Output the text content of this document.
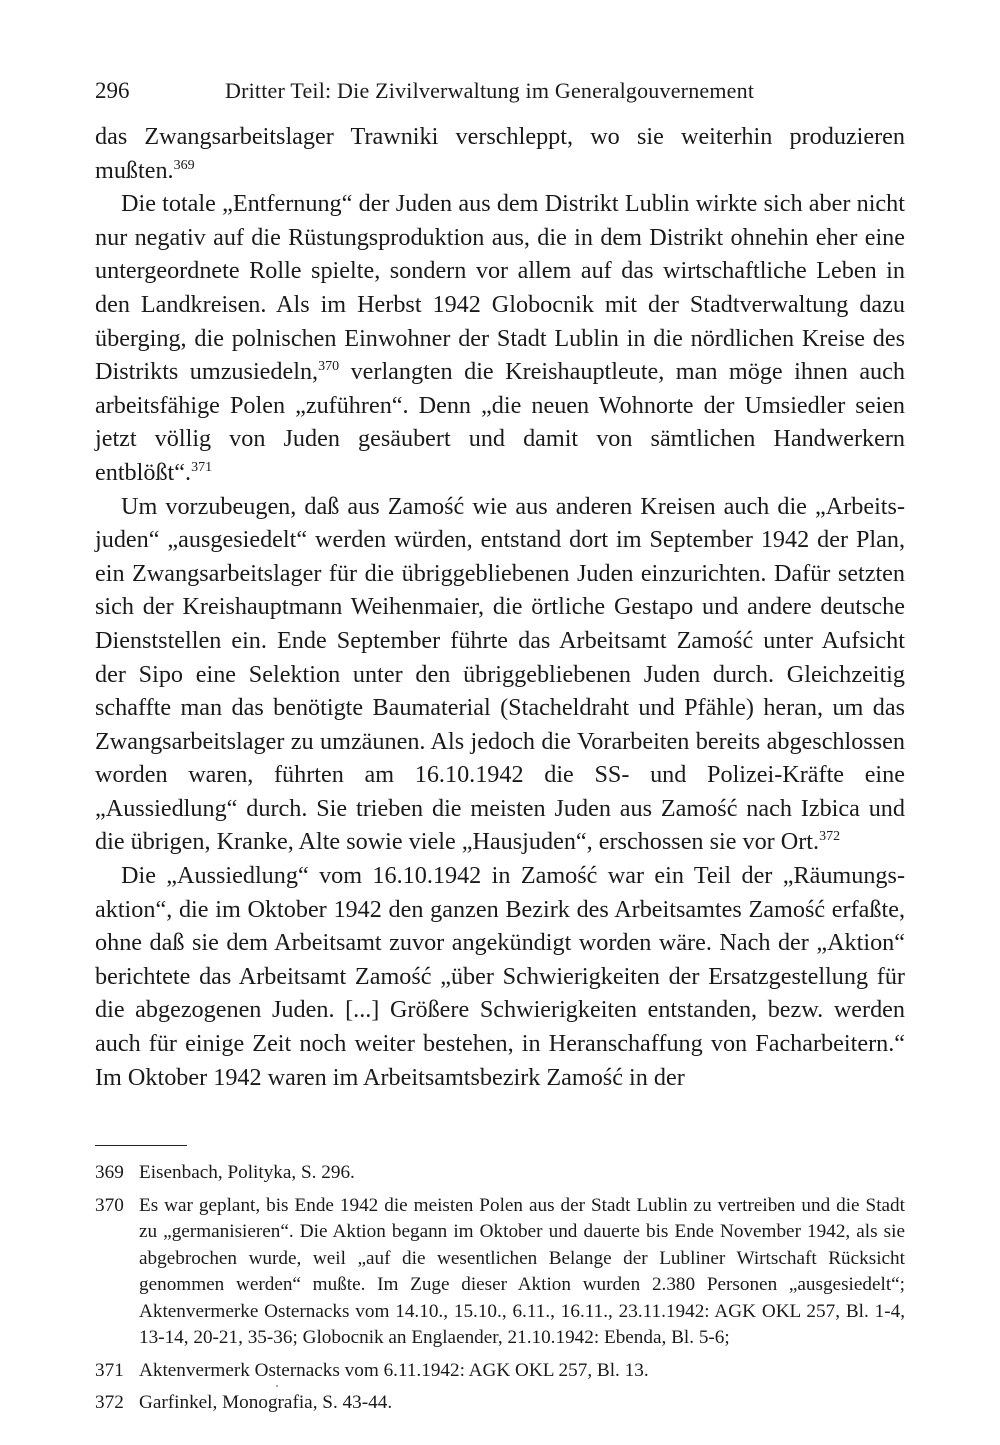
296	Dritter Teil: Die Zivilverwaltung im Generalgouvernement

das Zwangsarbeitslager Trawniki verschleppt, wo sie weiterhin produzieren mußten.$^{369}$

Die totale „Entfernung“ der Juden aus dem Distrikt Lublin wirkte sich aber nicht nur negativ auf die Rüstungsproduktion aus, die in dem Distrikt ohnehin eher eine untergeordnete Rolle spielte, sondern vor allem auf das wirtschaftliche Leben in den Landkreisen. Als im Herbst 1942 Globocnik mit der Stadtverwaltung dazu überging, die polnischen Einwohner der Stadt Lublin in die nördlichen Kreise des Distrikts umzusiedeln,$^{370}$ verlangten die Kreishauptleute, man möge ihnen auch arbeitsfähige Polen „zuführen“. Denn „die neuen Wohnorte der Umsiedler seien jetzt völlig von Juden gesäubert und damit von sämtlichen Handwerkern entblößt“.$^{371}$

Um vorzubeugen, daß aus Zamość wie aus anderen Kreisen auch die „Arbeitsjuden“ „ausgesiedelt“ werden würden, entstand dort im September 1942 der Plan, ein Zwangsarbeitslager für die übriggebliebenen Juden einzurichten. Dafür setzten sich der Kreishauptmann Weihenmaier, die örtliche Gestapo und andere deutsche Dienststellen ein. Ende September führte das Arbeitsamt Zamość unter Aufsicht der Sipo eine Selektion unter den übriggebliebenen Juden durch. Gleichzeitig schaffte man das benötigte Baumaterial (Stacheldraht und Pfähle) heran, um das Zwangsarbeitslager zu umzäunen. Als jedoch die Vorarbeiten bereits abgeschlossen worden waren, führten am 16.10.1942 die SS- und Polizei-Kräfte eine „Aussiedlung“ durch. Sie trieben die meisten Juden aus Zamość nach Izbica und die übrigen, Kranke, Alte sowie viele „Hausjuden“, erschossen sie vor Ort.$^{372}$

Die „Aussiedlung“ vom 16.10.1942 in Zamość war ein Teil der „Räumungsaktion“, die im Oktober 1942 den ganzen Bezirk des Arbeitsamtes Zamość erfaßte, ohne daß sie dem Arbeitsamt zuvor angekündigt worden wäre. Nach der „Aktion“ berichtete das Arbeitsamt Zamość „über Schwierigkeiten der Ersatzgestellung für die abgezogenen Juden. [...] Größere Schwierigkeiten entstanden, bezw. werden auch für einige Zeit noch weiter bestehen, in Heranschaffung von Facharbeitern.“ Im Oktober 1942 waren im Arbeitsamtsbezirk Zamość in der

369 Eisenbach, Polityka, S. 296.
370 Es war geplant, bis Ende 1942 die meisten Polen aus der Stadt Lublin zu vertreiben und die Stadt zu „germanisieren“. Die Aktion begann im Oktober und dauerte bis Ende November 1942, als sie abgebrochen wurde, weil „auf die wesentlichen Belange der Lubliner Wirtschaft Rücksicht genommen werden“ mußte. Im Zuge dieser Aktion wurden 2.380 Personen „ausgesiedelt“; Aktenvermerke Osternacks vom 14.10., 15.10., 6.11., 16.11., 23.11.1942: AGK OKL 257, Bl. 1-4, 13-14, 20-21, 35-36; Globocnik an Englaender, 21.10.1942: Ebenda, Bl. 5-6;
371 Aktenvermerk Osternacks vom 6.11.1942: AGK OKL 257, Bl. 13.
372 Garfinkel, Monografia, S. 43-44.
